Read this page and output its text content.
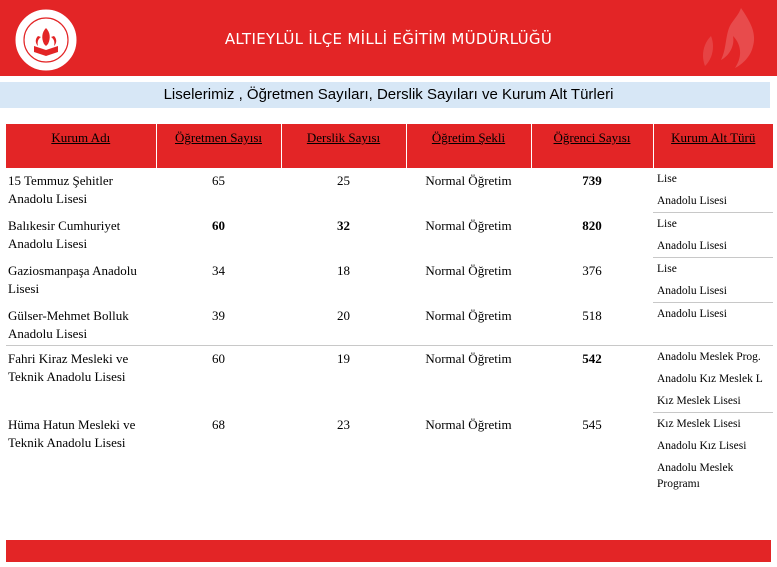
ALTIEYLÜL İLÇE MİLLİ EĞİTİM MÜDÜRLÜĞÜ
Liselerimiz , Öğretmen Sayıları, Derslik Sayıları ve Kurum Alt Türleri
Kurum Adı	Öğretmen Sayısı	Derslik Sayısı	Öğretim Şekli	Öğrenci Sayısı	Kurum Alt Türü
15 Temmuz Şehitler Anadolu Lisesi	65	25	Normal Öğretim	739	Lise
					Anadolu Lisesi
Balıkesir Cumhuriyet Anadolu Lisesi	60	32	Normal Öğretim	820	Lise
					Anadolu Lisesi
Gaziosmanpaşa Anadolu Lisesi	34	18	Normal Öğretim	376	Lise
					Anadolu Lisesi
Gülser-Mehmet Bolluk Anadolu Lisesi	39	20	Normal Öğretim	518	Anadolu Lisesi
Fahri Kiraz Mesleki ve Teknik Anadolu Lisesi	60	19	Normal Öğretim	542	Anadolu Meslek Prog.
					Anadolu Kız Meslek L
					Kız Meslek Lisesi
Hüma Hatun Mesleki ve Teknik Anadolu Lisesi	68	23	Normal Öğretim	545	Kız Meslek Lisesi
					Anadolu Kız Lisesi
					Anadolu Meslek Programı
